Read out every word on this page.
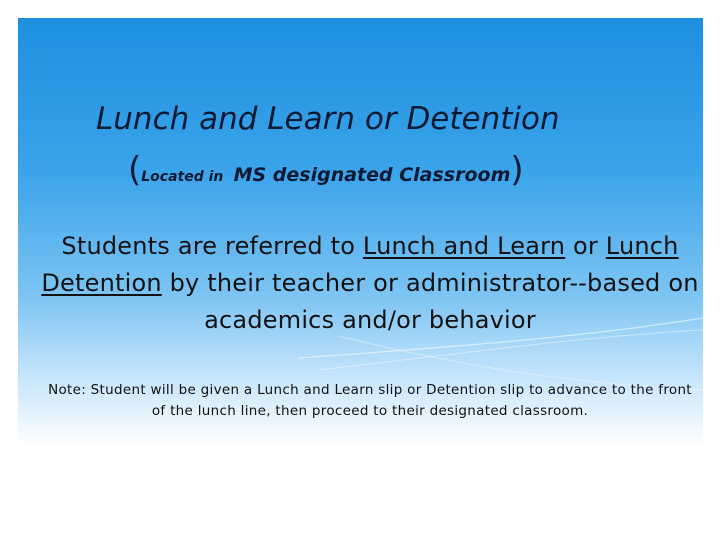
Lunch and Learn or Detention
(Located in MS designated Classroom)
Students are referred to Lunch and Learn or Lunch Detention by their teacher or administrator--based on academics and/or behavior
Note: Student will be given a Lunch and Learn slip or Detention slip to advance to the front of the lunch line, then proceed to their designated classroom.
